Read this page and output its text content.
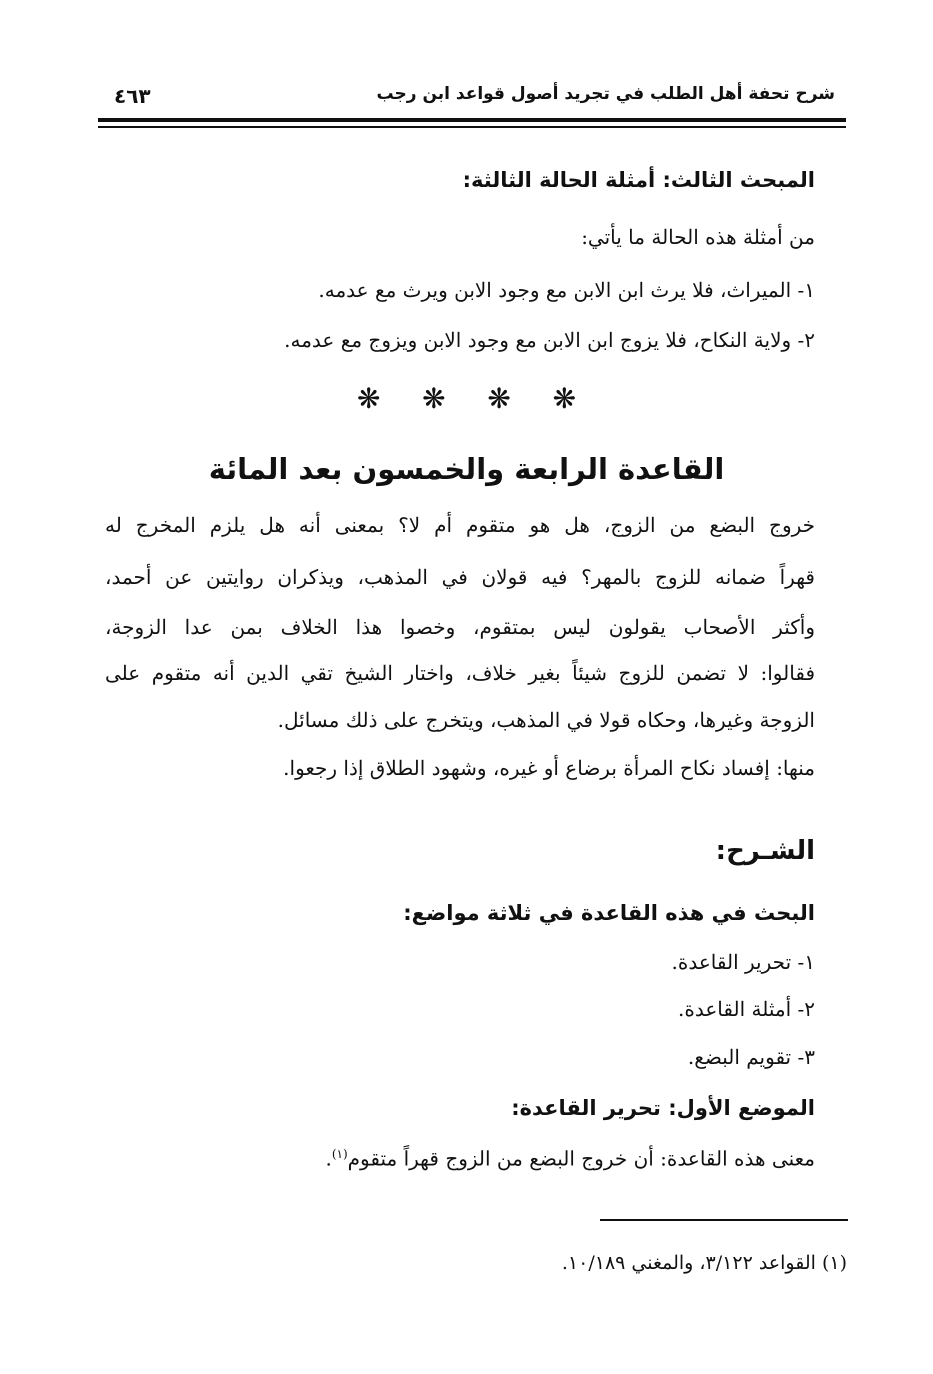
شرح تحفة أهل الطلب في تجريد أصول قواعد ابن رجب
٤٦٣
المبحث الثالث: أمثلة الحالة الثالثة:
من أمثلة هذه الحالة ما يأتي:
١- الميراث، فلا يرث ابن الابن مع وجود الابن ويرث مع عدمه.
٢- ولاية النكاح، فلا يزوج ابن الابن مع وجود الابن ويزوج مع عدمه.
❋ ❋ ❋ ❋
القاعدة الرابعة والخمسون بعد المائة
خروج البضع من الزوج، هل هو متقوم أم لا؟ بمعنى أنه هل يلزم المخرج له
قهراً ضمانه للزوج بالمهر؟ فيه قولان في المذهب، ويذكران روايتين عن أحمد،
وأكثر الأصحاب يقولون ليس بمتقوم، وخصوا هذا الخلاف بمن عدا الزوجة،
فقالوا: لا تضمن للزوج شيئاً بغير خلاف، واختار الشيخ تقي الدين أنه متقوم على
الزوجة وغيرها، وحكاه قولا في المذهب، ويتخرج على ذلك مسائل.
منها: إفساد نكاح المرأة برضاع أو غيره، وشهود الطلاق إذا رجعوا.
الشـرح:
البحث في هذه القاعدة في ثلاثة مواضع:
١- تحرير القاعدة.
٢- أمثلة القاعدة.
٣- تقويم البضع.
الموضع الأول: تحرير القاعدة:
معنى هذه القاعدة: أن خروج البضع من الزوج قهراً متقوم$^{(١)}$.
(١) القواعد ٣/١٢٢، والمغني ١٠/١٨٩.
